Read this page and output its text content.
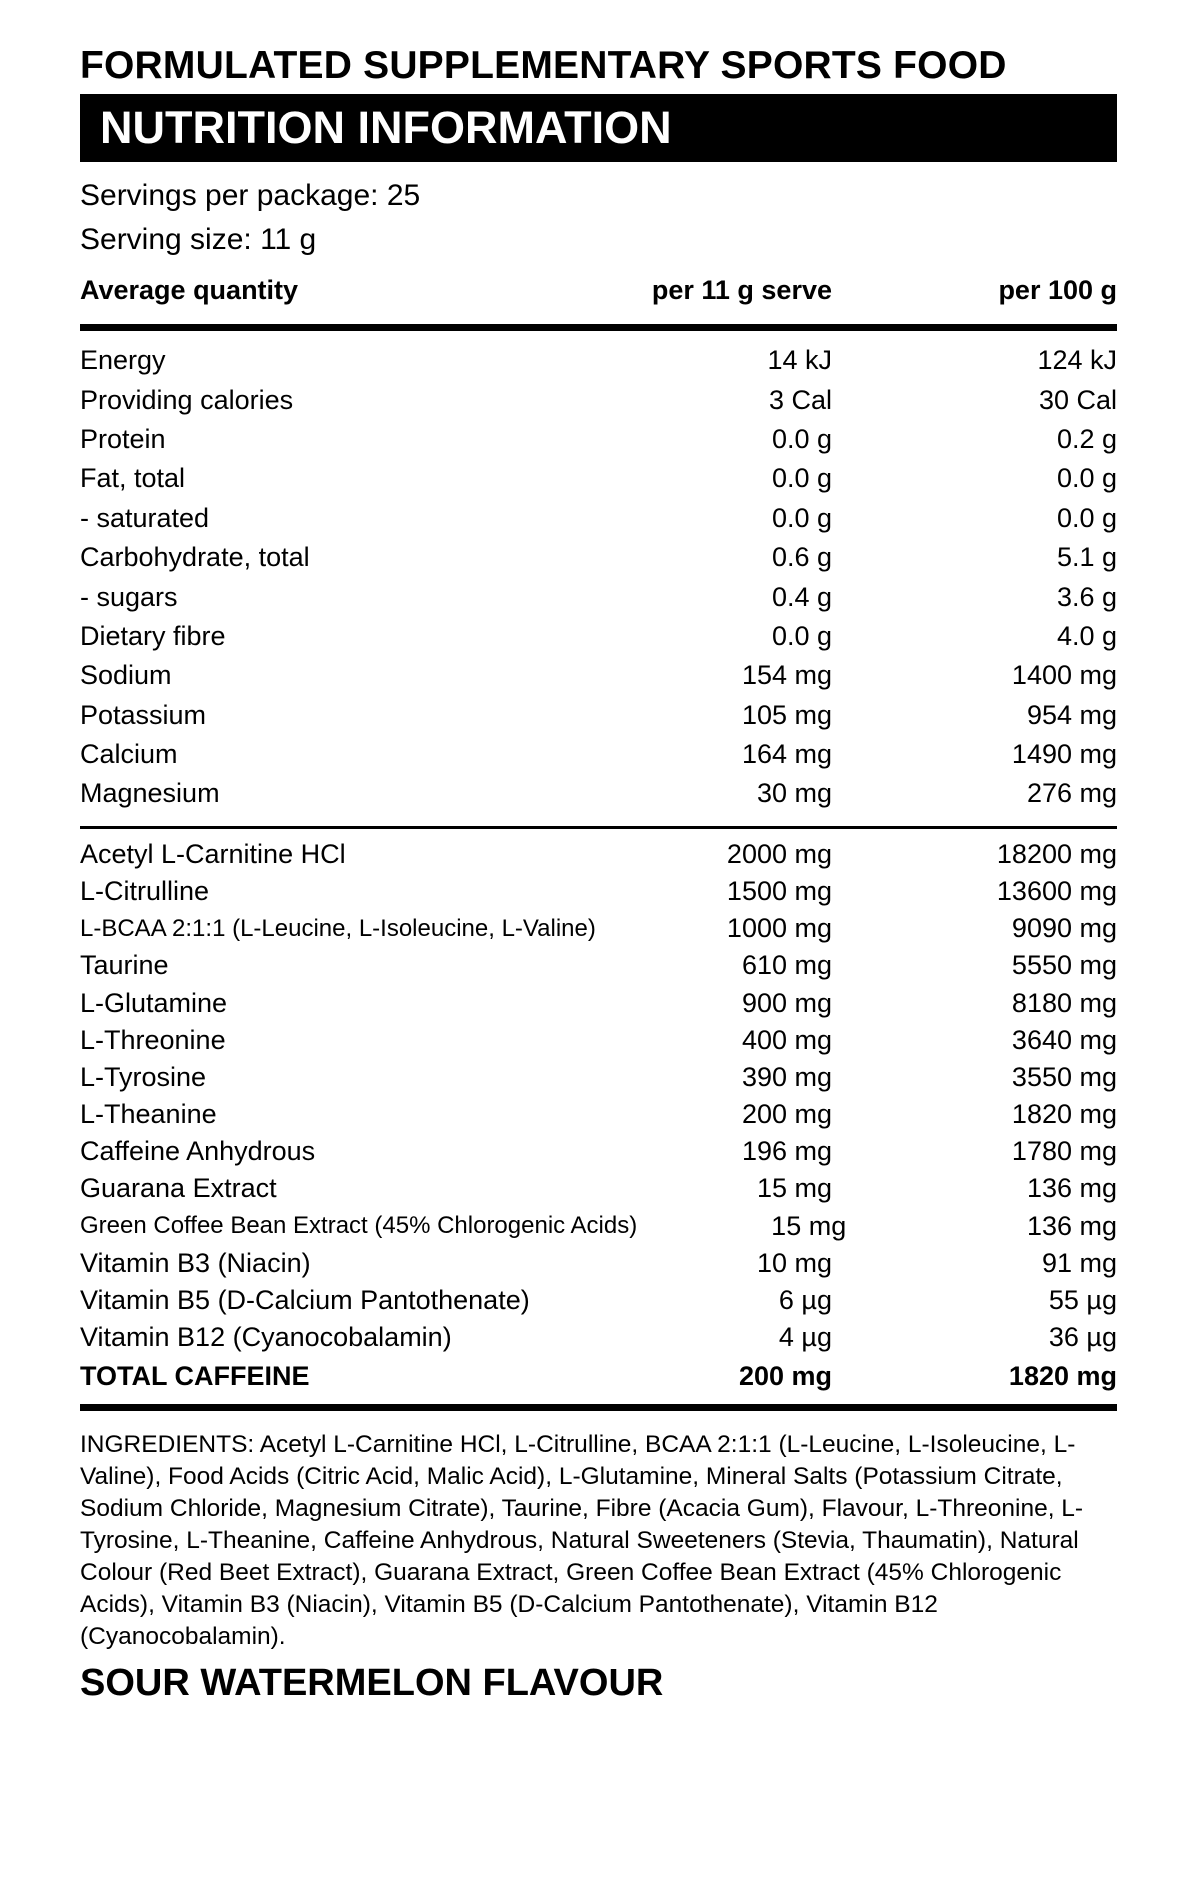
FORMULATED SUPPLEMENTARY SPORTS FOOD
NUTRITION INFORMATION
Servings per package: 25
Serving size: 11 g
Average quantity	per 11 g serve	per 100 g
Energy	14 kJ	124 kJ
Providing calories	3 Cal	30 Cal
Protein	0.0 g	0.2 g
Fat, total	0.0 g	0.0 g
- saturated	0.0 g	0.0 g
Carbohydrate, total	0.6 g	5.1 g
- sugars	0.4 g	3.6 g
Dietary fibre	0.0 g	4.0 g
Sodium	154 mg	1400 mg
Potassium	105 mg	954 mg
Calcium	164 mg	1490 mg
Magnesium	30 mg	276 mg
Acetyl L-Carnitine HCl	2000 mg	18200 mg
L-Citrulline	1500 mg	13600 mg
L-BCAA 2:1:1 (L-Leucine, L-Isoleucine, L-Valine)	1000 mg	9090 mg
Taurine	610 mg	5550 mg
L-Glutamine	900 mg	8180 mg
L-Threonine	400 mg	3640 mg
L-Tyrosine	390 mg	3550 mg
L-Theanine	200 mg	1820 mg
Caffeine Anhydrous	196 mg	1780 mg
Guarana Extract	15 mg	136 mg
Green Coffee Bean Extract (45% Chlorogenic Acids)	15 mg	136 mg
Vitamin B3 (Niacin)	10 mg	91 mg
Vitamin B5 (D-Calcium Pantothenate)	6 µg	55 µg
Vitamin B12 (Cyanocobalamin)	4 µg	36 µg
TOTAL CAFFEINE	200 mg	1820 mg
INGREDIENTS: Acetyl L-Carnitine HCl, L-Citrulline, BCAA 2:1:1 (L-Leucine, L-Isoleucine, L-Valine), Food Acids (Citric Acid, Malic Acid), L-Glutamine, Mineral Salts (Potassium Citrate, Sodium Chloride, Magnesium Citrate), Taurine, Fibre (Acacia Gum), Flavour, L-Threonine, L-Tyrosine, L-Theanine, Caffeine Anhydrous, Natural Sweeteners (Stevia, Thaumatin), Natural Colour (Red Beet Extract), Guarana Extract, Green Coffee Bean Extract (45% Chlorogenic Acids), Vitamin B3 (Niacin), Vitamin B5 (D-Calcium Pantothenate), Vitamin B12 (Cyanocobalamin).
SOUR WATERMELON FLAVOUR
